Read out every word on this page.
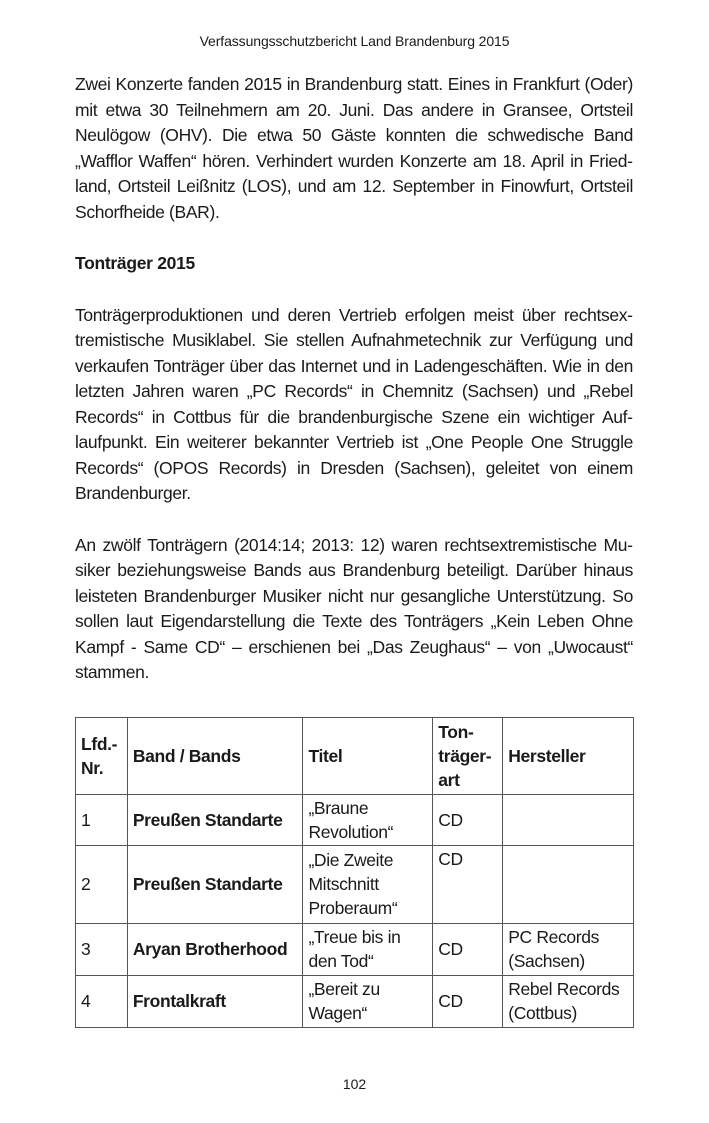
Verfassungsschutzbericht Land Brandenburg 2015

Zwei Konzerte fanden 2015 in Brandenburg statt. Eines in Frankfurt (Oder) mit etwa 30 Teilnehmern am 20. Juni. Das andere in Gransee, Ortsteil Neulögow (OHV). Die etwa 50 Gäste konnten die schwedische Band „Wafflor Waffen“ hören. Verhindert wurden Konzerte am 18. April in Friedland, Ortsteil Leißnitz (LOS), und am 12. September in Finowfurt, Ortsteil Schorfheide (BAR).

Tonträger 2015

Tonträgerproduktionen und deren Vertrieb erfolgen meist über rechtsextremistische Musiklabel. Sie stellen Aufnahmetechnik zur Verfügung und verkaufen Tonträger über das Internet und in Ladengeschäften. Wie in den letzten Jahren waren „PC Records“ in Chemnitz (Sachsen) und „Rebel Records“ in Cottbus für die brandenburgische Szene ein wichtiger Auflaufpunkt. Ein weiterer bekannter Vertrieb ist „One People One Struggle Records“ (OPOS Records) in Dresden (Sachsen), geleitet von einem Brandenburger.

An zwölf Tonträgern (2014:14; 2013: 12) waren rechtsextremistische Musiker beziehungsweise Bands aus Brandenburg beteiligt. Darüber hinaus leisteten Brandenburger Musiker nicht nur gesangliche Unterstützung. So sollen laut Eigendarstellung die Texte des Tonträgers „Kein Leben Ohne Kampf - Same CD“ – erschienen bei „Das Zeughaus“ – von „Uwocaust“ stammen.

Lfd.-Nr.	Band / Bands	Titel	Tonträgerart	Hersteller
1	Preußen Standarte	„Braune Revolution“	CD	
2	Preußen Standarte	„Die Zweite Mitschnitt Proberaum“	CD	
3	Aryan Brotherhood	„Treue bis in den Tod“	CD	PC Records (Sachsen)
4	Frontalkraft	„Bereit zu Wagen“	CD	Rebel Records (Cottbus)
102
